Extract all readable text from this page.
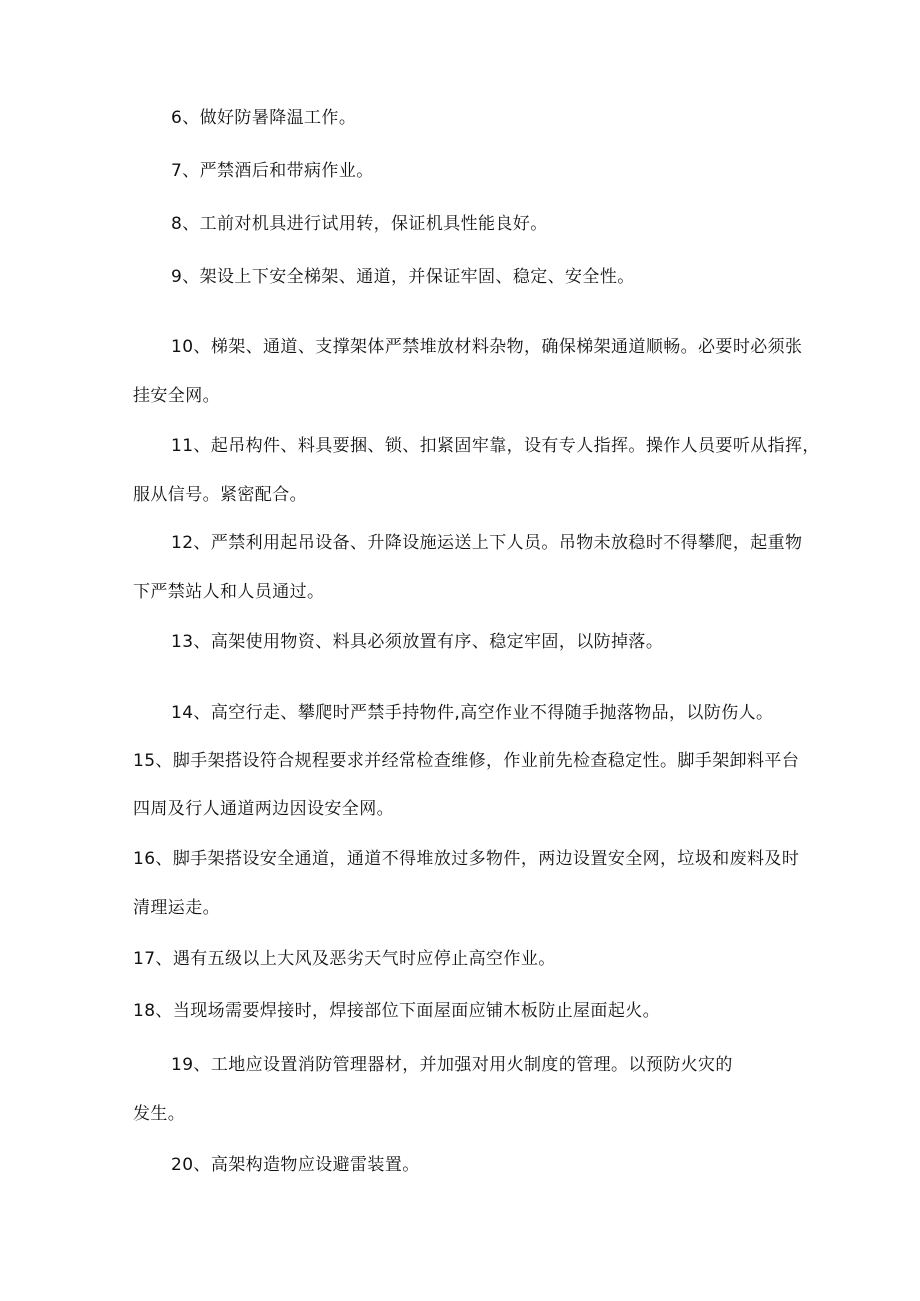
6、做好防暑降温工作。
7、严禁酒后和带病作业。
8、工前对机具进行试用转，保证机具性能良好。
9、架设上下安全梯架、通道，并保证牢固、稳定、安全性。
10、梯架、通道、支撑架体严禁堆放材料杂物，确保梯架通道顺畅。必要时必须张
挂安全网。
11、起吊构件、料具要捆、锁、扣紧固牢靠，设有专人指挥。操作人员要听从指挥，
服从信号。紧密配合。
12、严禁利用起吊设备、升降设施运送上下人员。吊物未放稳时不得攀爬，起重物
下严禁站人和人员通过。
13、高架使用物资、料具必须放置有序、稳定牢固，以防掉落。
14、高空行走、攀爬时严禁手持物件,高空作业不得随手抛落物品，以防伤人。
15、脚手架搭设符合规程要求并经常检查维修，作业前先检查稳定性。脚手架卸料平台
四周及行人通道两边因设安全网。
16、脚手架搭设安全通道，通道不得堆放过多物件，两边设置安全网，垃圾和废料及时
清理运走。
17、遇有五级以上大风及恶劣天气时应停止高空作业。
18、当现场需要焊接时，焊接部位下面屋面应铺木板防止屋面起火。
19、工地应设置消防管理器材，并加强对用火制度的管理。以预防火灾的
发生。
20、高架构造物应设避雷装置。
